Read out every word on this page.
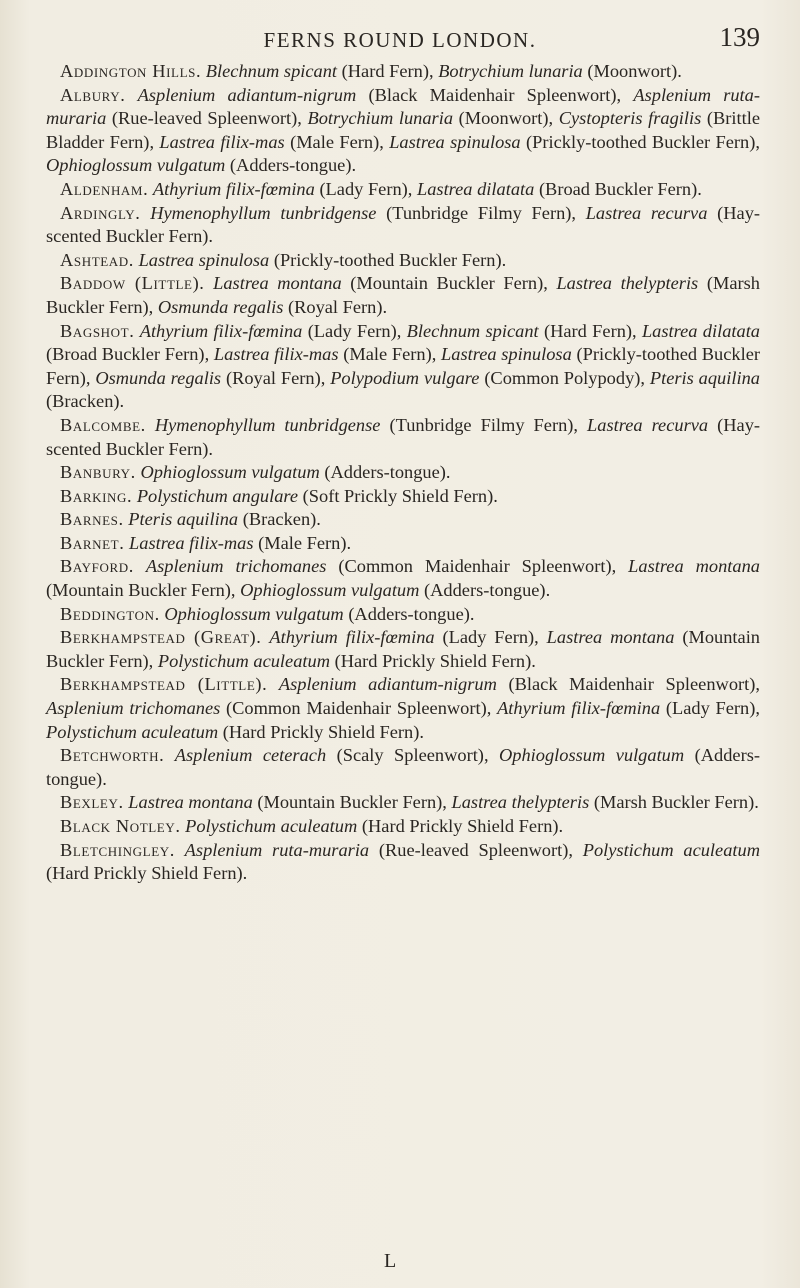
FERNS ROUND LONDON.	139

Addington Hills. Blechnum spicant (Hard Fern), Botrychium lunaria (Moonwort).

Albury. Asplenium adiantum-nigrum (Black Maidenhair Spleenwort), Asplenium ruta-muraria (Rue-leaved Spleenwort), Botrychium lunaria (Moonwort), Cystopteris fragilis (Brittle Bladder Fern), Lastrea filix-mas (Male Fern), Lastrea spinulosa (Prickly-toothed Buckler Fern), Ophioglossum vulgatum (Adders-tongue).

Aldenham. Athyrium filix-fœmina (Lady Fern), Lastrea dilatata (Broad Buckler Fern).

Ardingly. Hymenophyllum tunbridgense (Tunbridge Filmy Fern), Lastrea recurva (Hay-scented Buckler Fern).

Ashtead. Lastrea spinulosa (Prickly-toothed Buckler Fern).

Baddow (Little). Lastrea montana (Mountain Buckler Fern), Lastrea thelypteris (Marsh Buckler Fern), Osmunda regalis (Royal Fern).

Bagshot. Athyrium filix-fœmina (Lady Fern), Blechnum spicant (Hard Fern), Lastrea dilatata (Broad Buckler Fern), Lastrea filix-mas (Male Fern), Lastrea spinulosa (Prickly-toothed Buckler Fern), Osmunda regalis (Royal Fern), Polypodium vulgare (Common Polypody), Pteris aquilina (Bracken).

Balcombe. Hymenophyllum tunbridgense (Tunbridge Filmy Fern), Lastrea recurva (Hay-scented Buckler Fern).

Banbury. Ophioglossum vulgatum (Adders-tongue).

Barking. Polystichum angulare (Soft Prickly Shield Fern).

Barnes. Pteris aquilina (Bracken).

Barnet. Lastrea filix-mas (Male Fern).

Bayford. Asplenium trichomanes (Common Maidenhair Spleenwort), Lastrea montana (Mountain Buckler Fern), Ophioglossum vulgatum (Adders-tongue).

Beddington. Ophioglossum vulgatum (Adders-tongue).

Berkhampstead (Great). Athyrium filix-fœmina (Lady Fern), Lastrea montana (Mountain Buckler Fern), Polystichum aculeatum (Hard Prickly Shield Fern).

Berkhampstead (Little). Asplenium adiantum-nigrum (Black Maidenhair Spleenwort), Asplenium trichomanes (Common Maidenhair Spleenwort), Athyrium filix-fœmina (Lady Fern), Polystichum aculeatum (Hard Prickly Shield Fern).

Betchworth. Asplenium ceterach (Scaly Spleenwort), Ophioglossum vulgatum (Adders-tongue).

Bexley. Lastrea montana (Mountain Buckler Fern), Lastrea thelypteris (Marsh Buckler Fern).

Black Notley. Polystichum aculeatum (Hard Prickly Shield Fern).

Bletchingley. Asplenium ruta-muraria (Rue-leaved Spleenwort), Polystichum aculeatum (Hard Prickly Shield Fern).

L
